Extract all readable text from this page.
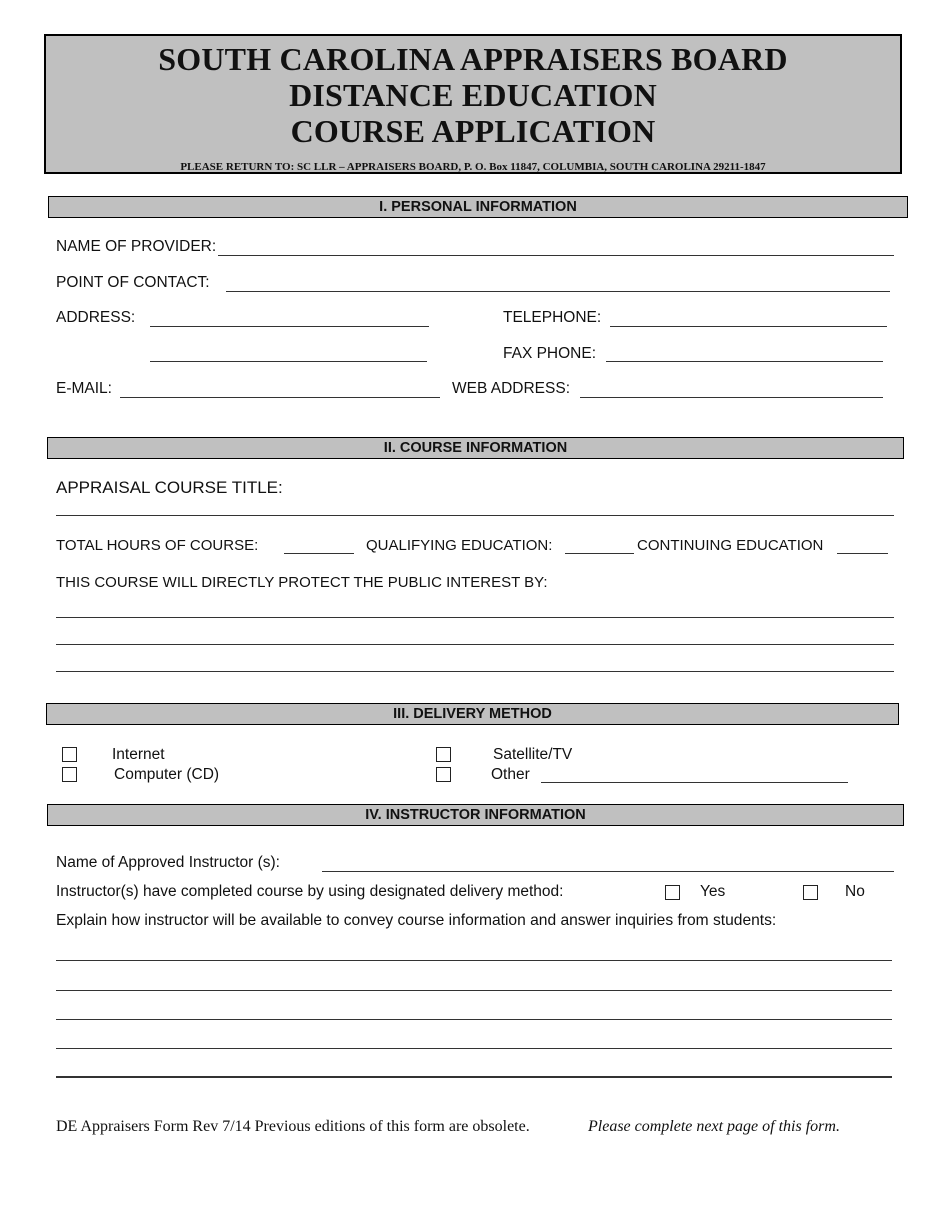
SOUTH CAROLINA APPRAISERS BOARD
DISTANCE EDUCATION
COURSE APPLICATION
PLEASE RETURN TO: SC LLR – APPRAISERS BOARD, P. O. Box 11847, COLUMBIA, SOUTH CAROLINA 29211-1847
I. PERSONAL INFORMATION
NAME OF PROVIDER:
POINT OF CONTACT:
ADDRESS:	TELEPHONE:
FAX PHONE:
E-MAIL:	WEB ADDRESS:
II. COURSE INFORMATION
APPRAISAL COURSE TITLE:
TOTAL HOURS OF COURSE:	QUALIFYING EDUCATION:	CONTINUING EDUCATION
THIS COURSE WILL DIRECTLY PROTECT THE PUBLIC INTEREST BY:
III. DELIVERY METHOD
Internet
Computer (CD)
Satellite/TV
Other
IV. INSTRUCTOR INFORMATION
Name of Approved Instructor (s):
Instructor(s) have completed course by using designated delivery method:	Yes	No
Explain how instructor will be available to convey course information and answer inquiries from students:
DE Appraisers Form Rev 7/14 Previous editions of this form are obsolete.	Please complete next page of this form.
